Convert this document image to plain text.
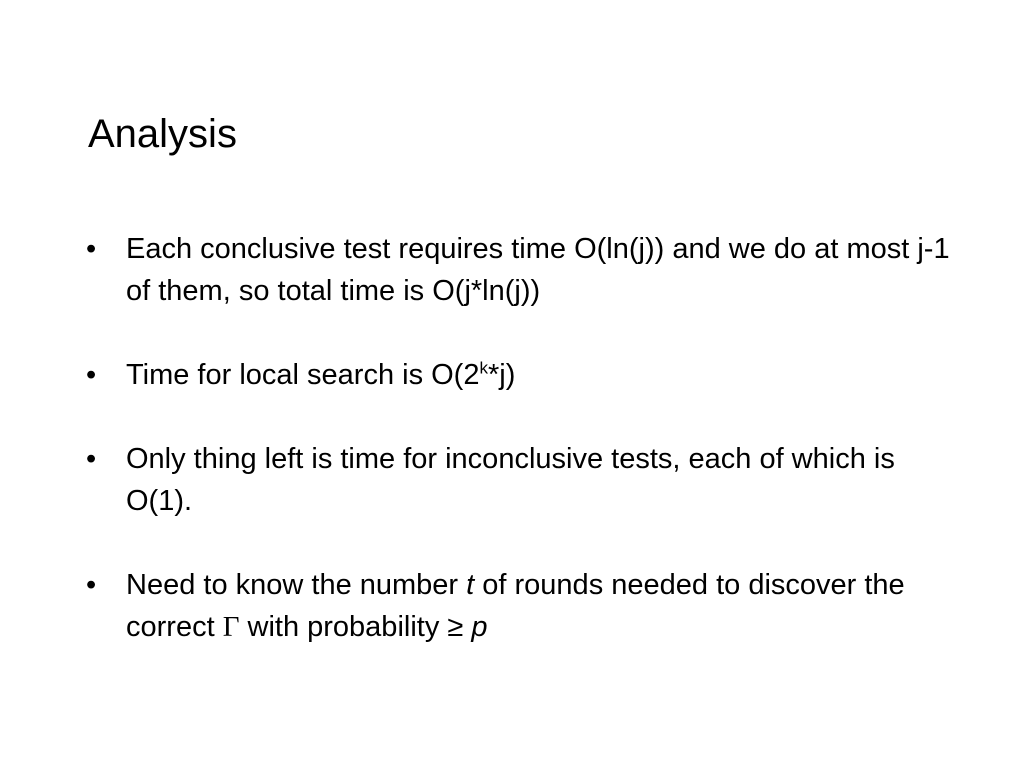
Analysis
•	Each conclusive test requires time O(ln(j)) and we do at most j-1 of them, so total time is O(j*ln(j))
•	Time for local search is O(2$^k$*j)
•	Only thing left is time for inconclusive tests, each of which is O(1).
•	Need to know the number t of rounds needed to discover the correct Γ with probability ≥ p
